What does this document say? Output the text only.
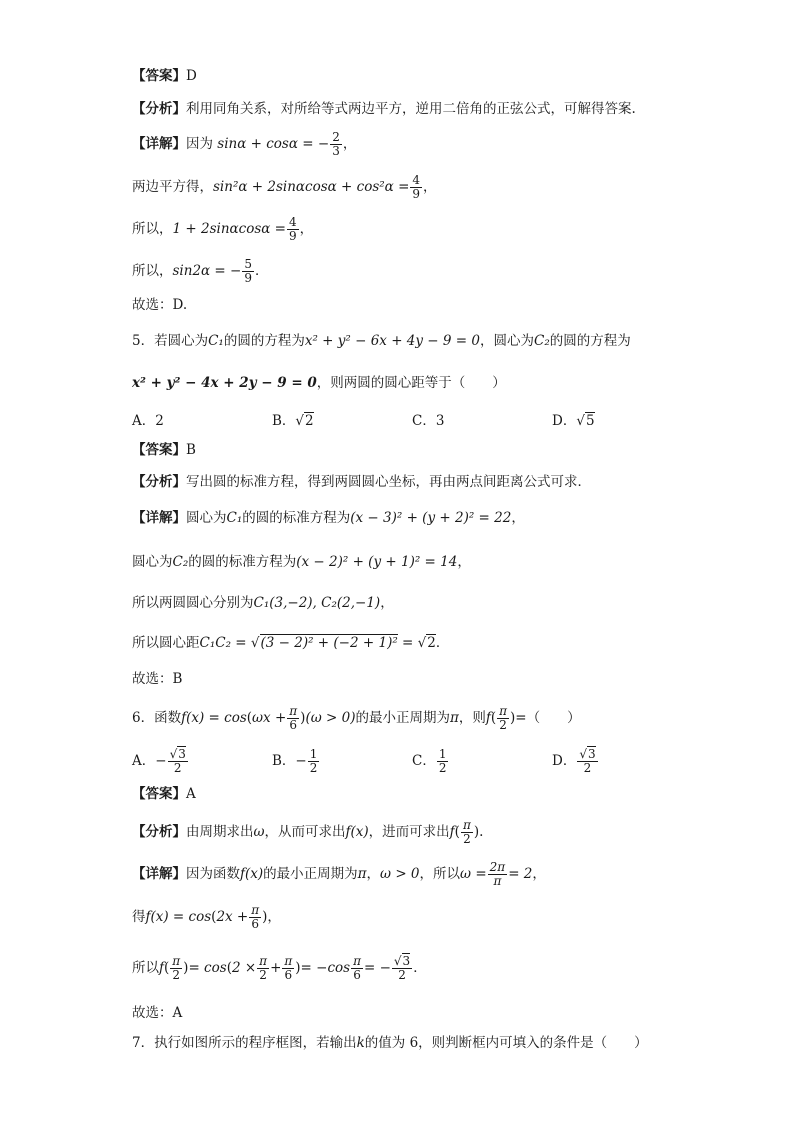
【答案】D
【分析】利用同角关系，对所给等式两边平方，逆用二倍角的正弦公式，可解得答案.
【详解】因为 sinα + cosα = − $\frac{2}{3}$ ，
两边平方得，$\sin^2\alpha + 2\sin\alpha\cos\alpha + \cos^2\alpha = \frac{4}{9}$ ，
所以，$1 + 2\sin\alpha\cos\alpha = \frac{4}{9}$ ，
所以，sin2α = − $\frac{5}{9}$ ．
故选：D.
5．若圆心为C₁的圆的方程为x² + y² − 6x + 4y − 9 = 0，圆心为C₂的圆的方程为
x² + y² − 4x + 2y − 9 = 0，则两圆的圆心距等于（　　）
A．2	B．√2	C．3	D．√5
【答案】B
【分析】写出圆的标准方程，得到两圆圆心坐标，再由两点间距离公式可求．
【详解】圆心为C₁的圆的标准方程为(x − 3)² + (y + 2)² = 22，
圆心为C₂的圆的标准方程为(x − 2)² + (y + 1)² = 14，
所以两圆圆心分别为C₁(3,−2), C₂(2,−1)，
所以圆心距C₁C₂ = √(3 − 2)² + (−2 + 1)² = √2．
故选：B
6．函数$f(x) = \cos(\omega x + \frac{\pi}{6} )(\omega > 0)$的最小正周期为π，则$f( \frac{\pi}{2}$ )=（　　）
A．− $\frac{√3}{2}$	B．− $\frac{1}{2}$	C． $\frac{1}{2}$	D． $\frac{√3}{2}$
【答案】A
【分析】由周期求出ω，从而可求出f(x)，进而可求出$f( \frac{\pi}{2}$ ).
【详解】因为函数f(x)的最小正周期为π，ω > 0，所以$\omega = \frac{2\pi}{\pi} = 2$，
得$f(x) = \cos(2x + \frac{\pi}{6}$ )，
所以$f( \frac{\pi}{2}$ )= $\cos(2 \times \frac{\pi}{2} + \frac{\pi}{6}$ )= $-\cos \frac{\pi}{6}$ = − $\frac{√3}{2}$ ．
故选：A
7．执行如图所示的程序框图，若输出k的值为 6，则判断框内可填入的条件是（　　）
